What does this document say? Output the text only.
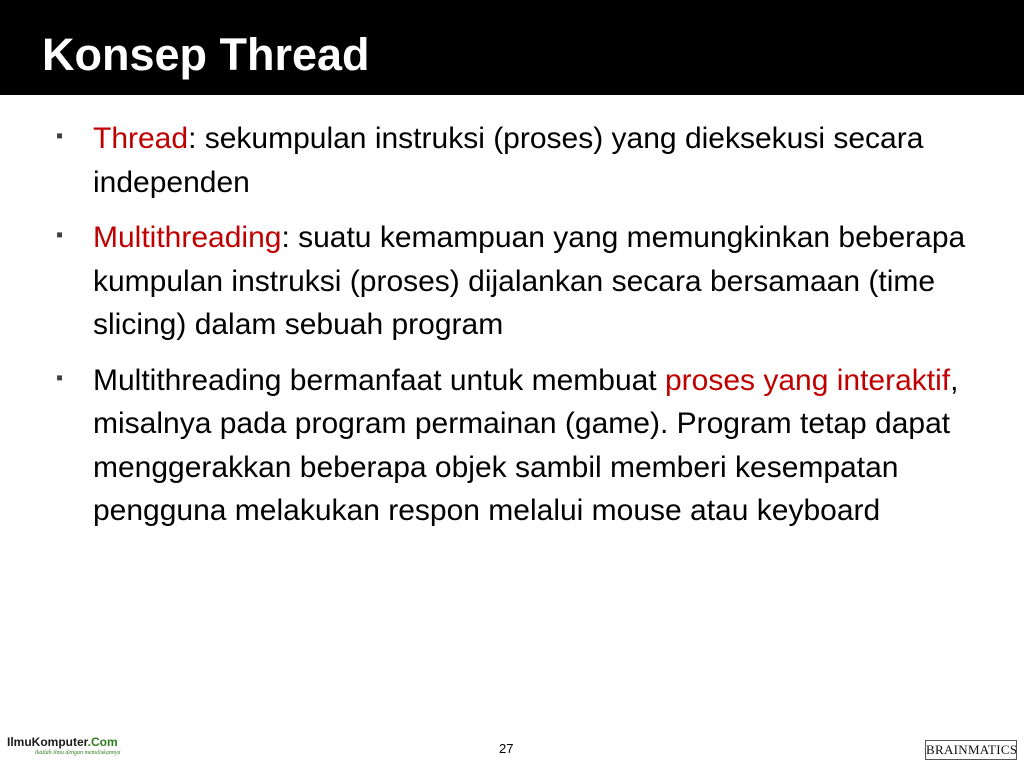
Konsep Thread
▪ Thread: sekumpulan instruksi (proses) yang dieksekusi secara independen
▪ Multithreading: suatu kemampuan yang memungkinkan beberapa kumpulan instruksi (proses) dijalankan secara bersamaan (time slicing) dalam sebuah program
▪ Multithreading bermanfaat untuk membuat proses yang interaktif, misalnya pada program permainan (game). Program tetap dapat menggerakkan beberapa objek sambil memberi kesempatan pengguna melakukan respon melalui mouse atau keyboard
IlmuKomputer.Com
ikatlah ilmu dengan menuliskannya	27	BRAINMATICS
